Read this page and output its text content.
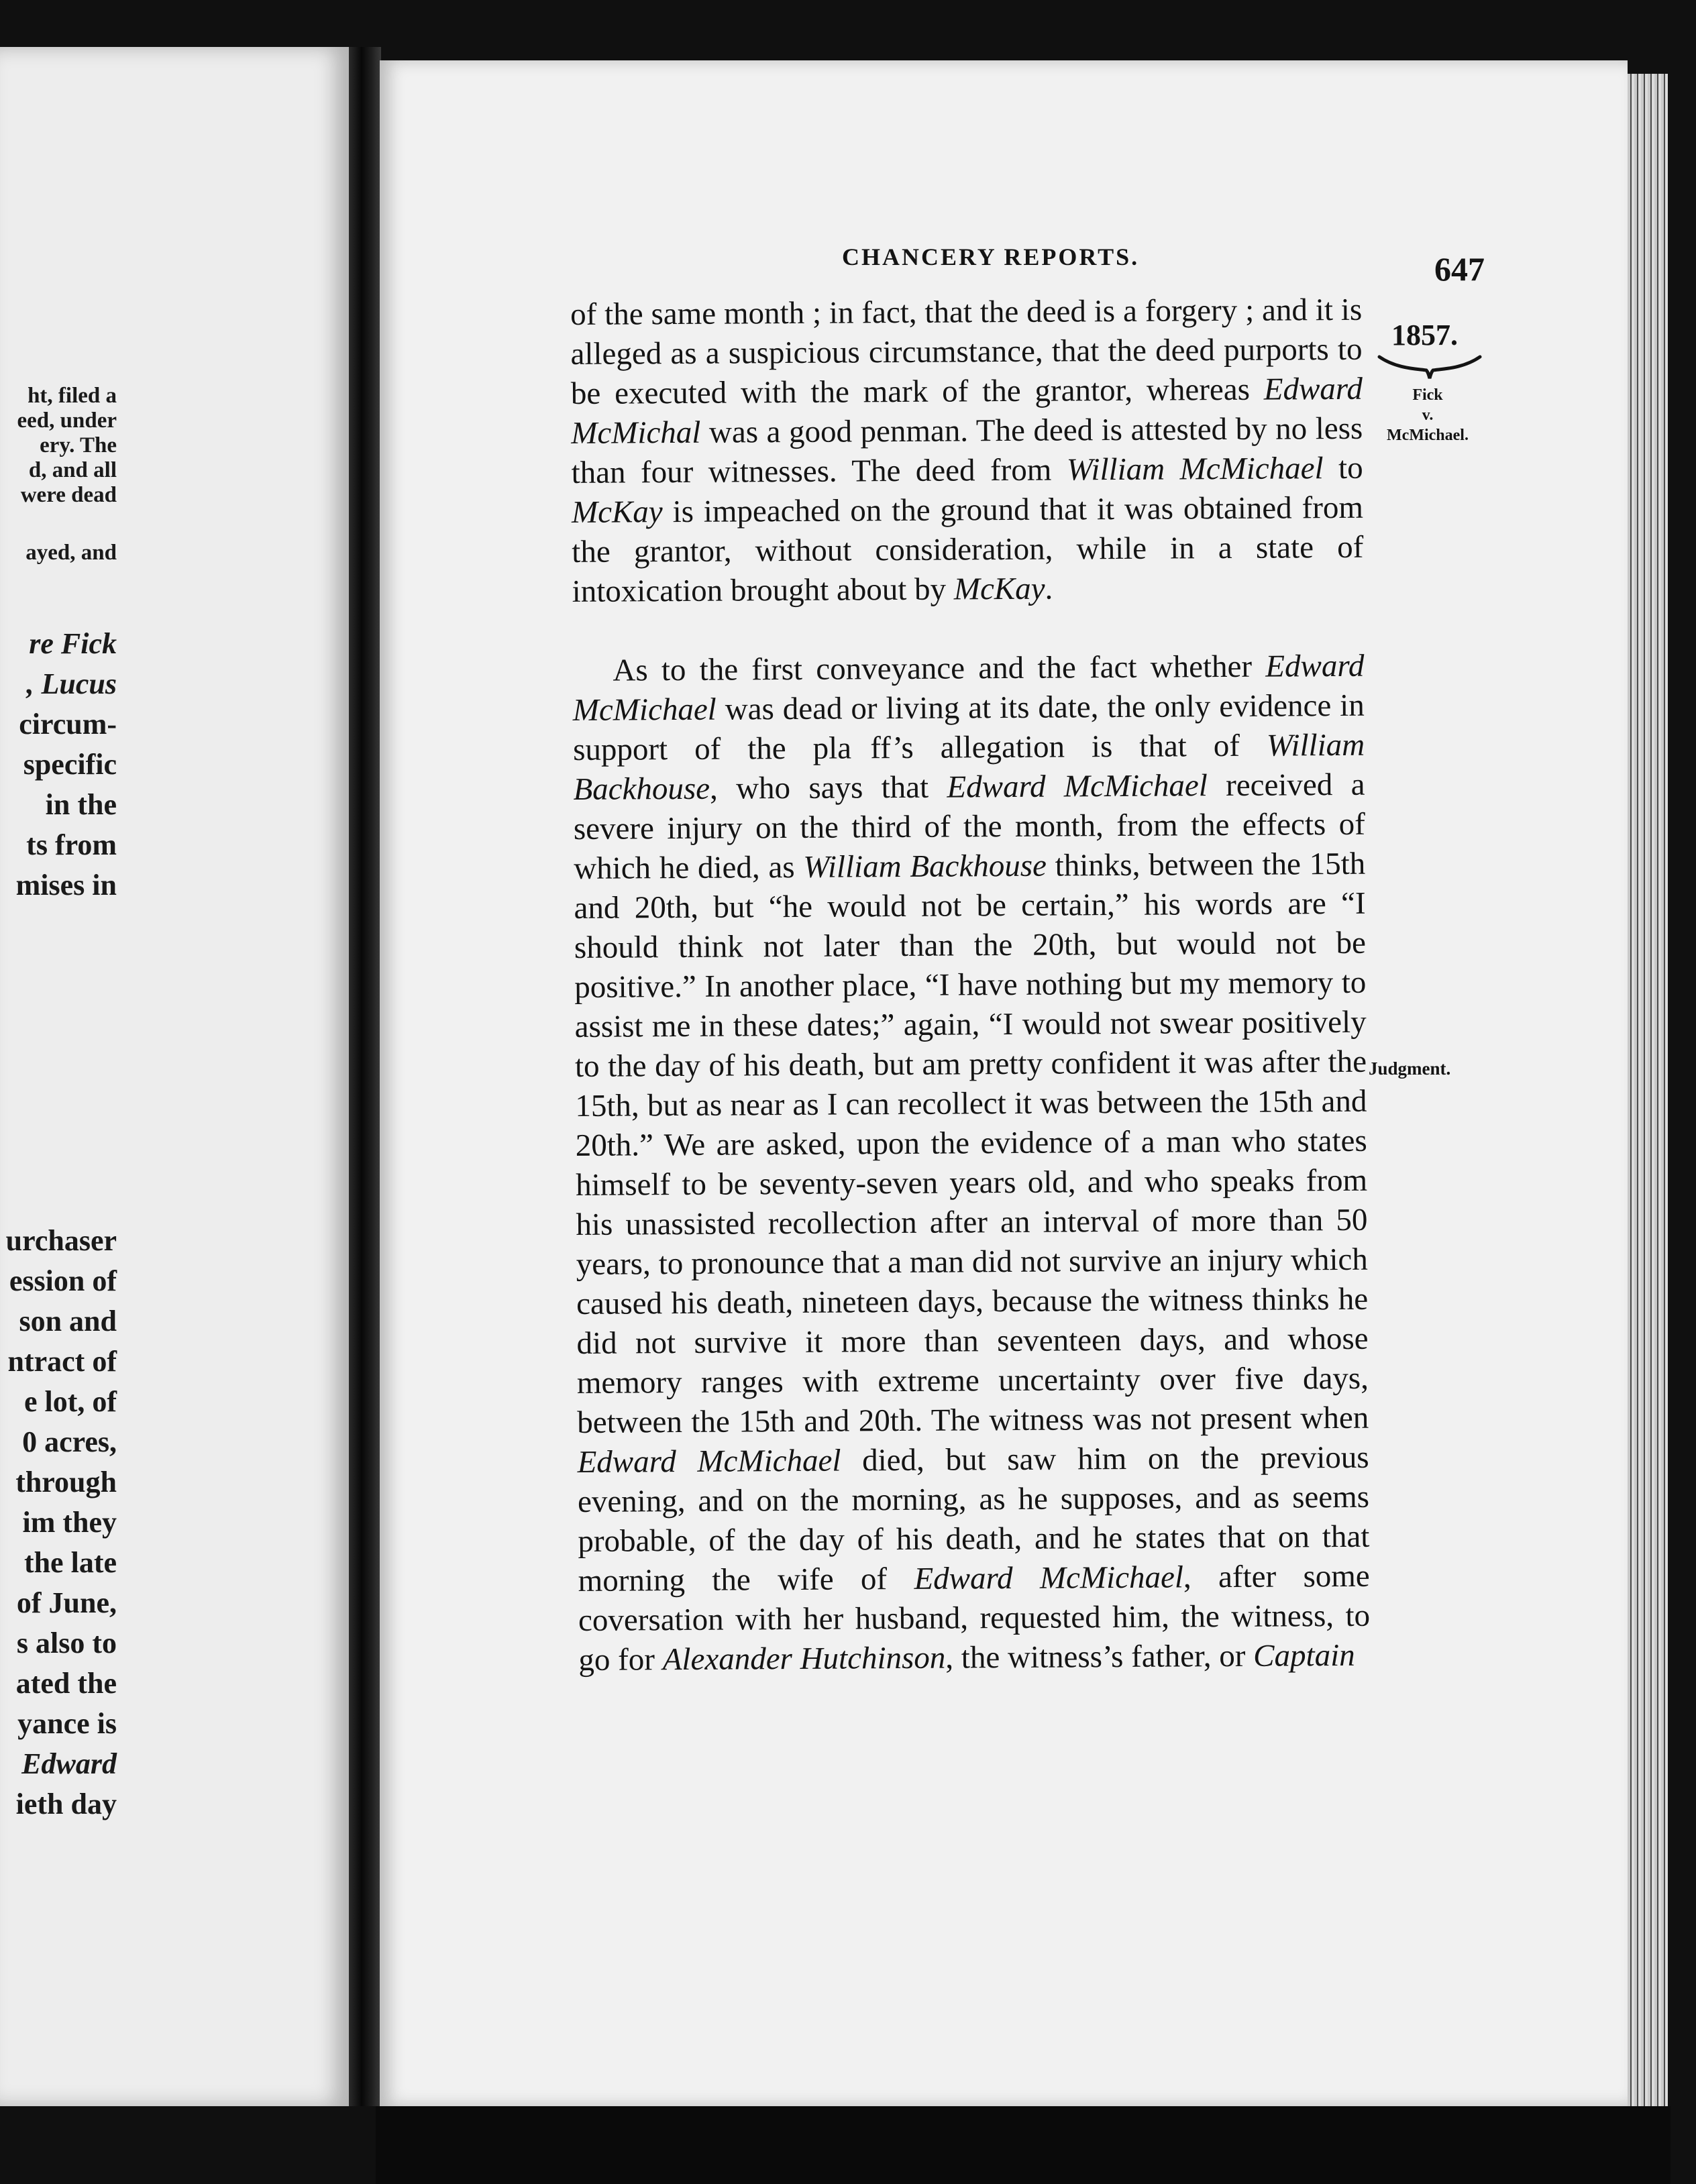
ht, filed a
eed, under
ery. The
d, and all
were dead
ayed, and
re Fick
, Lucus
circum-
specific
in the
ts from
mises in
urchaser
ession of
son and
ntract of
e lot, of
0 acres,
through
im they
the late
of June,
s also to
ated the
yance is
Edward
ieth day
CHANCERY REPORTS.	647
1857.
Fick
v.
McMichael.
Judgment.

of the same month ; in fact, that the deed is a forgery ; and it is alleged as a suspicious circumstance, that the deed purports to be executed with the mark of the grantor, whereas Edward McMichal was a good penman. The deed is attested by no less than four witnesses. The deed from William McMichael to McKay is impeached on the ground that it was obtained from the grantor, without consideration, while in a state of intoxication brought about by McKay.

As to the first conveyance and the fact whether Edward McMichael was dead or living at its date, the only evidence in support of the pla   ff’s allegation is that of William Backhouse, who says that Edward McMichael received a severe injury on the third of the month, from the effects of which he died, as William Backhouse thinks, between the 15th and 20th, but “he would not be certain,” his words are “I should think not later than the 20th, but would not be positive.” In another place, “I have nothing but my memory to assist me in these dates;” again, “I would not swear positively to the day of his death, but am pretty confident it was after the 15th, but as near as I can recollect it was between the 15th and 20th.” We are asked, upon the evidence of a man who states himself to be seventy-seven years old, and who speaks from his unassisted recollection after an interval of more than 50 years, to pronounce that a man did not survive an injury which caused his death, nineteen days, because the witness thinks he did not survive it more than seventeen days, and whose memory ranges with extreme uncertainty over five days, between the 15th and 20th. The witness was not present when Edward McMichael died, but saw him on the previous evening, and on the morning, as he supposes, and as seems probable, of the day of his death, and he states that on that morning the wife of Edward McMichael, after some coversation with her husband, requested him, the witness, to go for Alexander Hutchinson, the witness’s father, or Captain
